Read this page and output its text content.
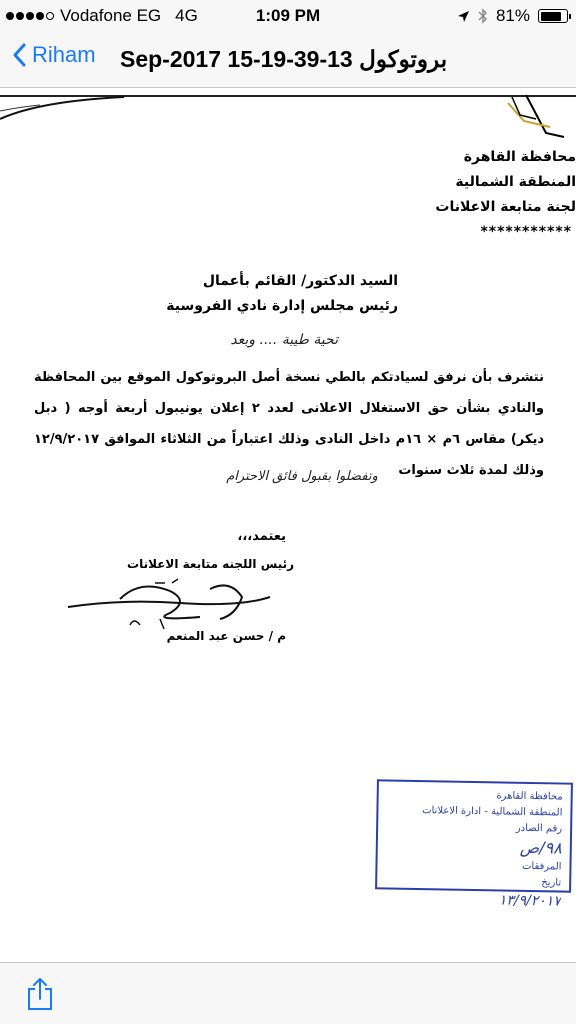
Vodafone EG 4G	1:09 PM	81%
Riham Sep-2017 15-19-39-13 بروتوكول
محافظة القاهرة
المنطقة الشمالية
لجنة متابعة الاعلانات
***********
السيد الدكتور/ القائم بأعمال
رئيس مجلس إدارة نادي الفروسية
تحية طيبة .... وبعد
نتشرف بأن نرفق لسيادتكم بالطي نسخة أصل البروتوكول الموقع بين المحافظة والنادي بشأن حق الاستغلال الاعلانى لعدد ٢ إعلان يونيبول أربعة أوجه ( دبل ديكر) مقاس ٦م × ١٦م داخل النادى وذلك اعتباراً من الثلاثاء الموافق ١٢/٩/٢٠١٧ وذلك لمدة ثلاث سنوات
وتفضلوا بقبول فائق الاحترام
يعتمد،،،
رئيس اللجنه متابعة الاعلانات
م / حسن عبد المنعم
محافظة القاهرة
المنطقة الشمالية - ادارة الاعلانات
رقم الصادر
٩٨/ص
المرفقات
تاريخ
١٣/٩/٢٠١٧
